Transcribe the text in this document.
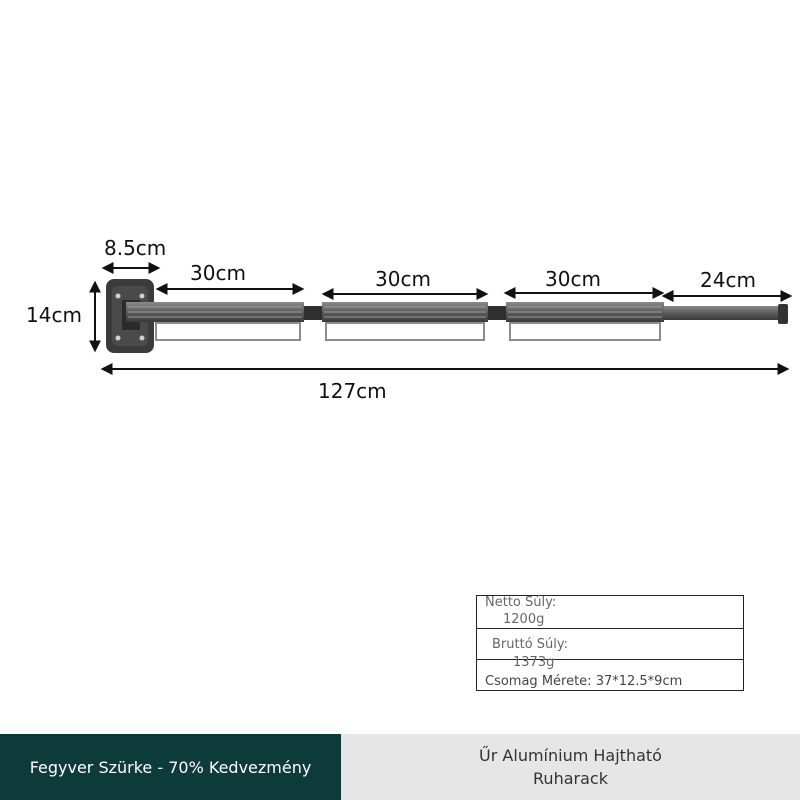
8.5cm
14cm
30cm	30cm	30cm	24cm
127cm
Netto Súly:
1200g
Bruttó Súly:
1373g
Csomag Mérete: 37*12.5*9cm
Fegyver Szürke - 70% Kedvezmény
Űr Alumínium Hajtható Ruharack
